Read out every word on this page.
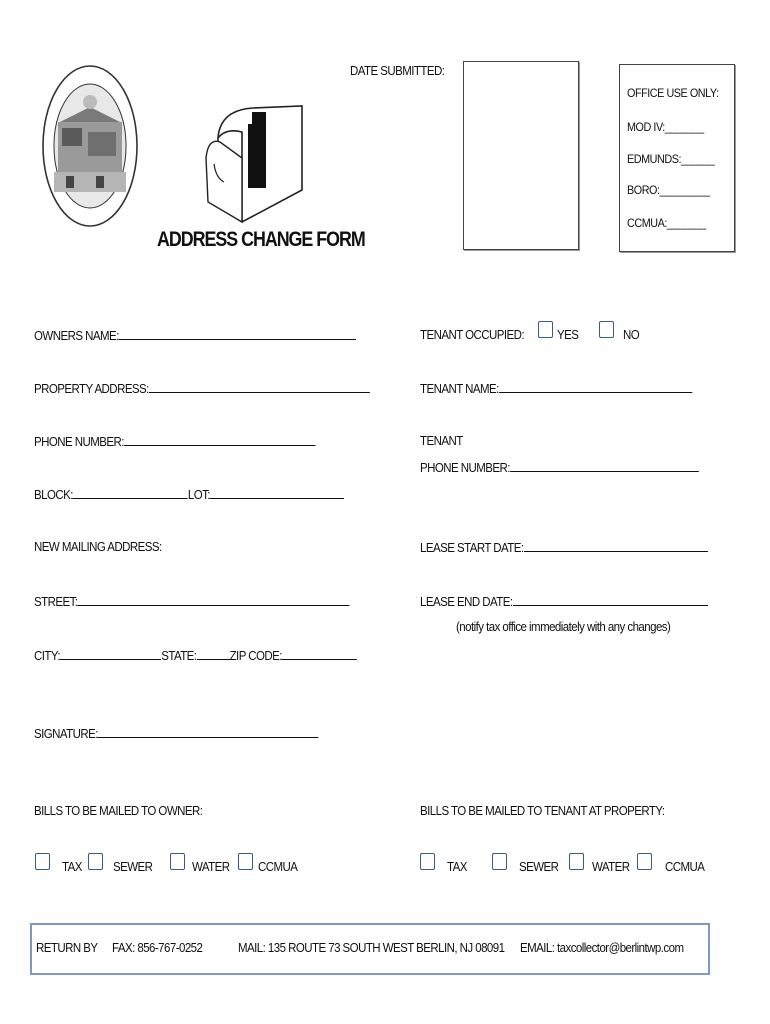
ADDRESS CHANGE FORM
DATE SUBMITTED:
OFFICE USE ONLY:
MOD IV:_______
EDMUNDS:______
BORO:_________
CCMUA:_______
OWNERS NAME:
PROPERTY ADDRESS:
PHONE NUMBER:
BLOCK:	LOT:
NEW MAILING ADDRESS:
STREET:
CITY:	STATE:	ZIP CODE:
SIGNATURE:
TENANT OCCUPIED:	YES	NO
TENANT NAME:
TENANT
PHONE NUMBER:
LEASE START DATE:
LEASE END DATE:
(notify tax office immediately with any changes)
BILLS TO BE MAILED TO OWNER:	BILLS TO BE MAILED TO TENANT AT PROPERTY:
TAX SEWER	WATER CCMUA	TAX	SEWER	WATER	CCMUA
RETURN BY FAX: 856-767-0252	MAIL: 135 ROUTE 73 SOUTH WEST BERLIN, NJ 08091 EMAIL: taxcollector@berlintwp.com
